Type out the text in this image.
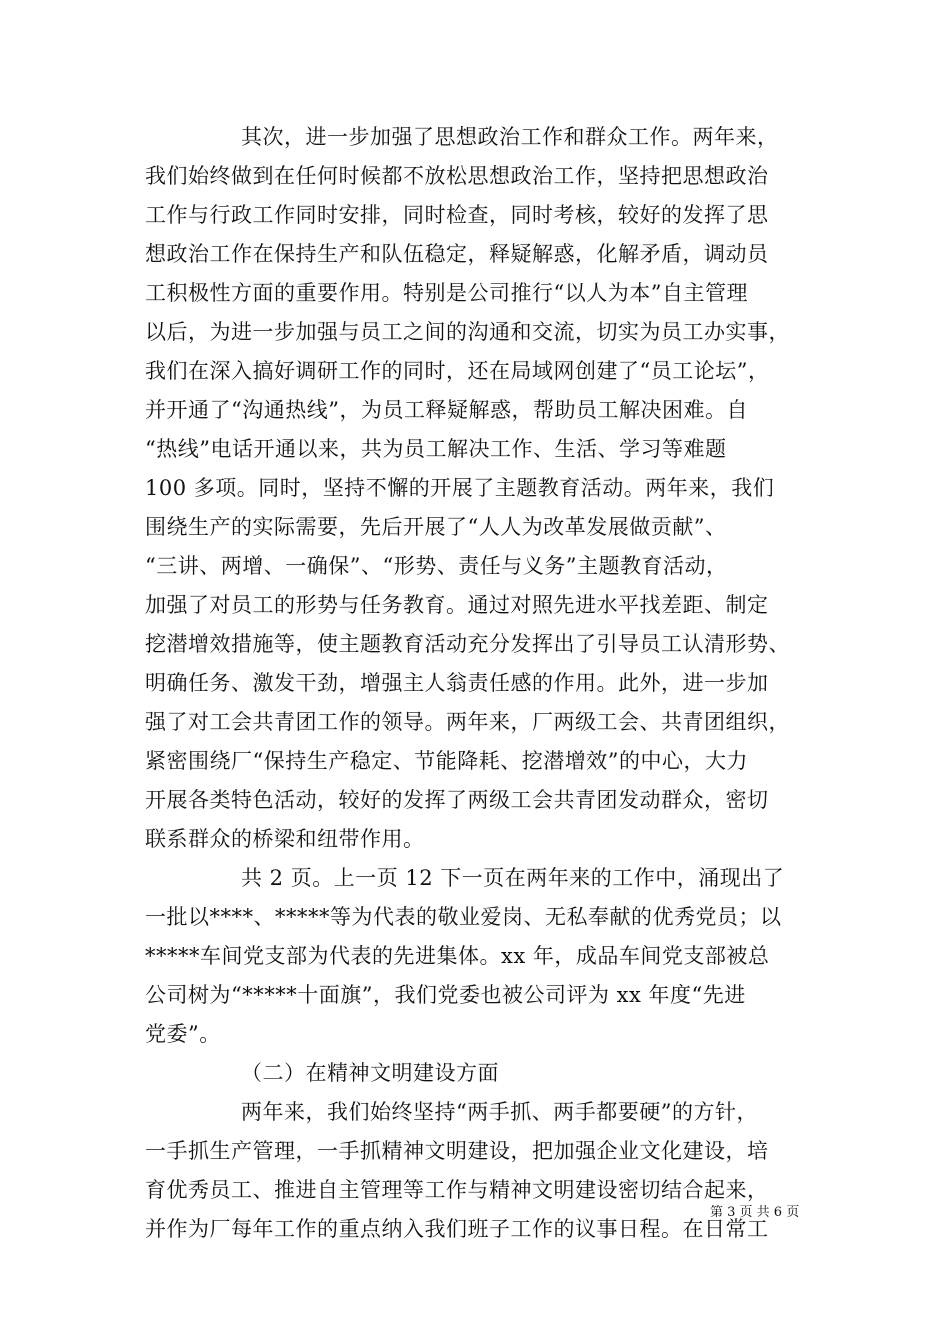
其次，进一步加强了思想政治工作和群众工作。两年来，
我们始终做到在任何时候都不放松思想政治工作，坚持把思想政治
工作与行政工作同时安排，同时检查，同时考核，较好的发挥了思
想政治工作在保持生产和队伍稳定，释疑解惑，化解矛盾，调动员
工积极性方面的重要作用。特别是公司推行“以人为本”自主管理
以后，为进一步加强与员工之间的沟通和交流，切实为员工办实事，
我们在深入搞好调研工作的同时，还在局域网创建了“员工论坛”，
并开通了“沟通热线”，为员工释疑解惑，帮助员工解决困难。自
“热线”电话开通以来，共为员工解决工作、生活、学习等难题
100 多项。同时，坚持不懈的开展了主题教育活动。两年来，我们
围绕生产的实际需要，先后开展了“人人为改革发展做贡献”、
“三讲、两增、一确保”、“形势、责任与义务”主题教育活动，
加强了对员工的形势与任务教育。通过对照先进水平找差距、制定
挖潜增效措施等，使主题教育活动充分发挥出了引导员工认清形势、
明确任务、激发干劲，增强主人翁责任感的作用。此外，进一步加
强了对工会共青团工作的领导。两年来，厂两级工会、共青团组织，
紧密围绕厂“保持生产稳定、节能降耗、挖潜增效”的中心，大力
开展各类特色活动，较好的发挥了两级工会共青团发动群众，密切
联系群众的桥梁和纽带作用。
共 2 页。上一页 12 下一页在两年来的工作中，涌现出了
一批以****、*****等为代表的敬业爱岗、无私奉献的优秀党员；以
*****车间党支部为代表的先进集体。xx 年，成品车间党支部被总
公司树为“*****十面旗”，我们党委也被公司评为 xx 年度“先进
党委”。
（二）在精神文明建设方面
两年来，我们始终坚持“两手抓、两手都要硬”的方针，
一手抓生产管理，一手抓精神文明建设，把加强企业文化建设，培
育优秀员工、推进自主管理等工作与精神文明建设密切结合起来，
并作为厂每年工作的重点纳入我们班子工作的议事日程。在日常工
第 3 页 共 6 页
